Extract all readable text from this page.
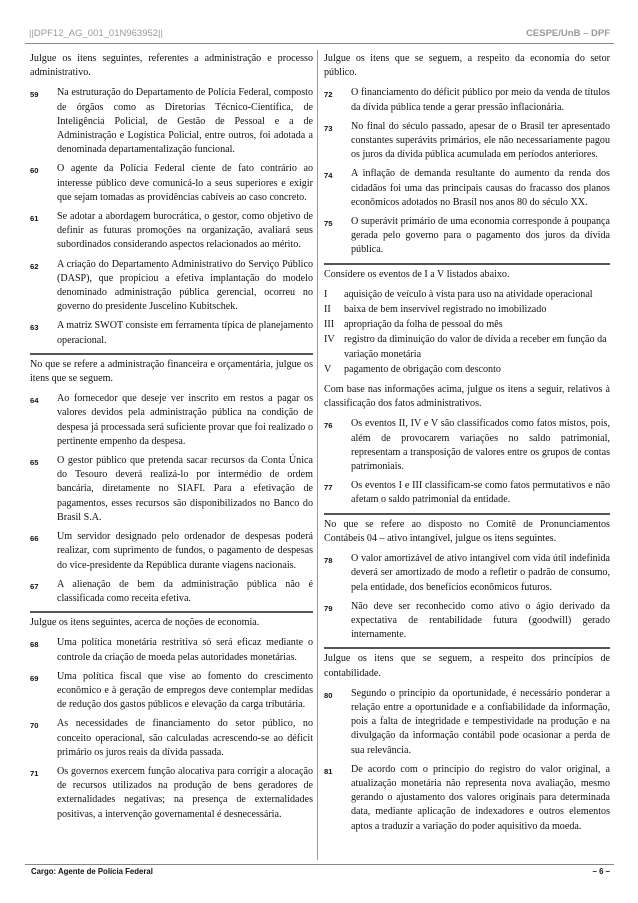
||DPF12_AG_001_01N963952||	CESPE/UnB – DPF

Julgue os itens seguintes, referentes a administração e processo administrativo.

59	Na estruturação do Departamento de Polícia Federal, composto de órgãos como as Diretorias Técnico-Científica, de Inteligência Policial, de Gestão de Pessoal e a de Administração e Logística Policial, entre outros, foi adotada a denominada departamentalização funcional.
60	O agente da Polícia Federal ciente de fato contrário ao interesse público deve comunicá-lo a seus superiores e exigir que sejam tomadas as providências cabíveis ao caso concreto.
61	Se adotar a abordagem burocrática, o gestor, como objetivo de definir as futuras promoções na organização, avaliará seus subordinados considerando aspectos relacionados ao mérito.
62	A criação do Departamento Administrativo do Serviço Público (DASP), que propiciou a efetiva implantação do modelo denominado administração pública gerencial, ocorreu no governo do presidente Juscelino Kubitschek.
63	A matriz SWOT consiste em ferramenta típica de planejamento operacional.

No que se refere a administração financeira e orçamentária, julgue os itens que se seguem.

64	Ao fornecedor que deseje ver inscrito em restos a pagar os valores devidos pela administração pública na condição de despesa já processada será suficiente provar que foi realizado o pertinente empenho da despesa.
65	O gestor público que pretenda sacar recursos da Conta Única do Tesouro deverá realizá-lo por intermédio de ordem bancária, diretamente no SIAFI. Para a efetivação de pagamentos, esses recursos são disponibilizados no Banco do Brasil S.A.
66	Um servidor designado pelo ordenador de despesas poderá realizar, com suprimento de fundos, o pagamento de despesas do vice-presidente da República durante viagens nacionais.
67	A alienação de bem da administração pública não é classificada como receita efetiva.

Julgue os itens seguintes, acerca de noções de economia.

68	Uma política monetária restritiva só será eficaz mediante o controle da criação de moeda pelas autoridades monetárias.
69	Uma política fiscal que vise ao fomento do crescimento econômico e à geração de empregos deve contemplar medidas de redução dos gastos públicos e elevação da carga tributária.
70	As necessidades de financiamento do setor público, no conceito operacional, são calculadas acrescendo-se ao déficit primário os juros reais da dívida passada.
71	Os governos exercem função alocativa para corrigir a alocação de recursos utilizados na produção de bens geradores de externalidades negativas; na presença de externalidades positivas, a intervenção governamental é desnecessária.

Julgue os itens que se seguem, a respeito da economia do setor público.

72	O financiamento do déficit público por meio da venda de títulos da dívida pública tende a gerar pressão inflacionária.
73	No final do século passado, apesar de o Brasil ter apresentado constantes superávits primários, ele não necessariamente pagou os juros da dívida pública acumulada em períodos anteriores.
74	A inflação de demanda resultante do aumento da renda dos cidadãos foi uma das principais causas do fracasso dos planos econômicos adotados no Brasil nos anos 80 do século XX.
75	O superávit primário de uma economia corresponde à poupança gerada pelo governo para o pagamento dos juros da dívida pública.

Considere os eventos de I a V listados abaixo.

I	aquisição de veículo à vista para uso na atividade operacional
II	baixa de bem inservível registrado no imobilizado
III apropriação da folha de pessoal do mês
IV registro da diminuição do valor de dívida a receber em função da variação monetária
V	pagamento de obrigação com desconto

Com base nas informações acima, julgue os itens a seguir, relativos à classificação dos fatos administrativos.

76	Os eventos II, IV e V são classificados como fatos mistos, pois, além de provocarem variações no saldo patrimonial, representam a transposição de valores entre os grupos de contas patrimoniais.
77	Os eventos I e III classificam-se como fatos permutativos e não afetam o saldo patrimonial da entidade.

No que se refere ao disposto no Comitê de Pronunciamentos Contábeis 04 – ativo intangível, julgue os itens seguintes.

78	O valor amortizável de ativo intangível com vida útil indefinida deverá ser amortizado de modo a refletir o padrão de consumo, pela entidade, dos benefícios econômicos futuros.
79	Não deve ser reconhecido como ativo o ágio derivado da expectativa de rentabilidade futura (goodwill) gerado internamente.

Julgue os itens que se seguem, a respeito dos princípios de contabilidade.

80	Segundo o princípio da oportunidade, é necessário ponderar a relação entre a oportunidade e a confiabilidade da informação, pois a falta de integridade e tempestividade na produção e na divulgação da informação contábil pode ocasionar a perda de sua relevância.
81	De acordo com o princípio do registro do valor original, a atualização monetária não representa nova avaliação, mesmo gerando o ajustamento dos valores originais para determinada data, mediante aplicação de indexadores e outros elementos aptos a traduzir a variação do poder aquisitivo da moeda.
Cargo: Agente de Polícia Federal	– 6 –
